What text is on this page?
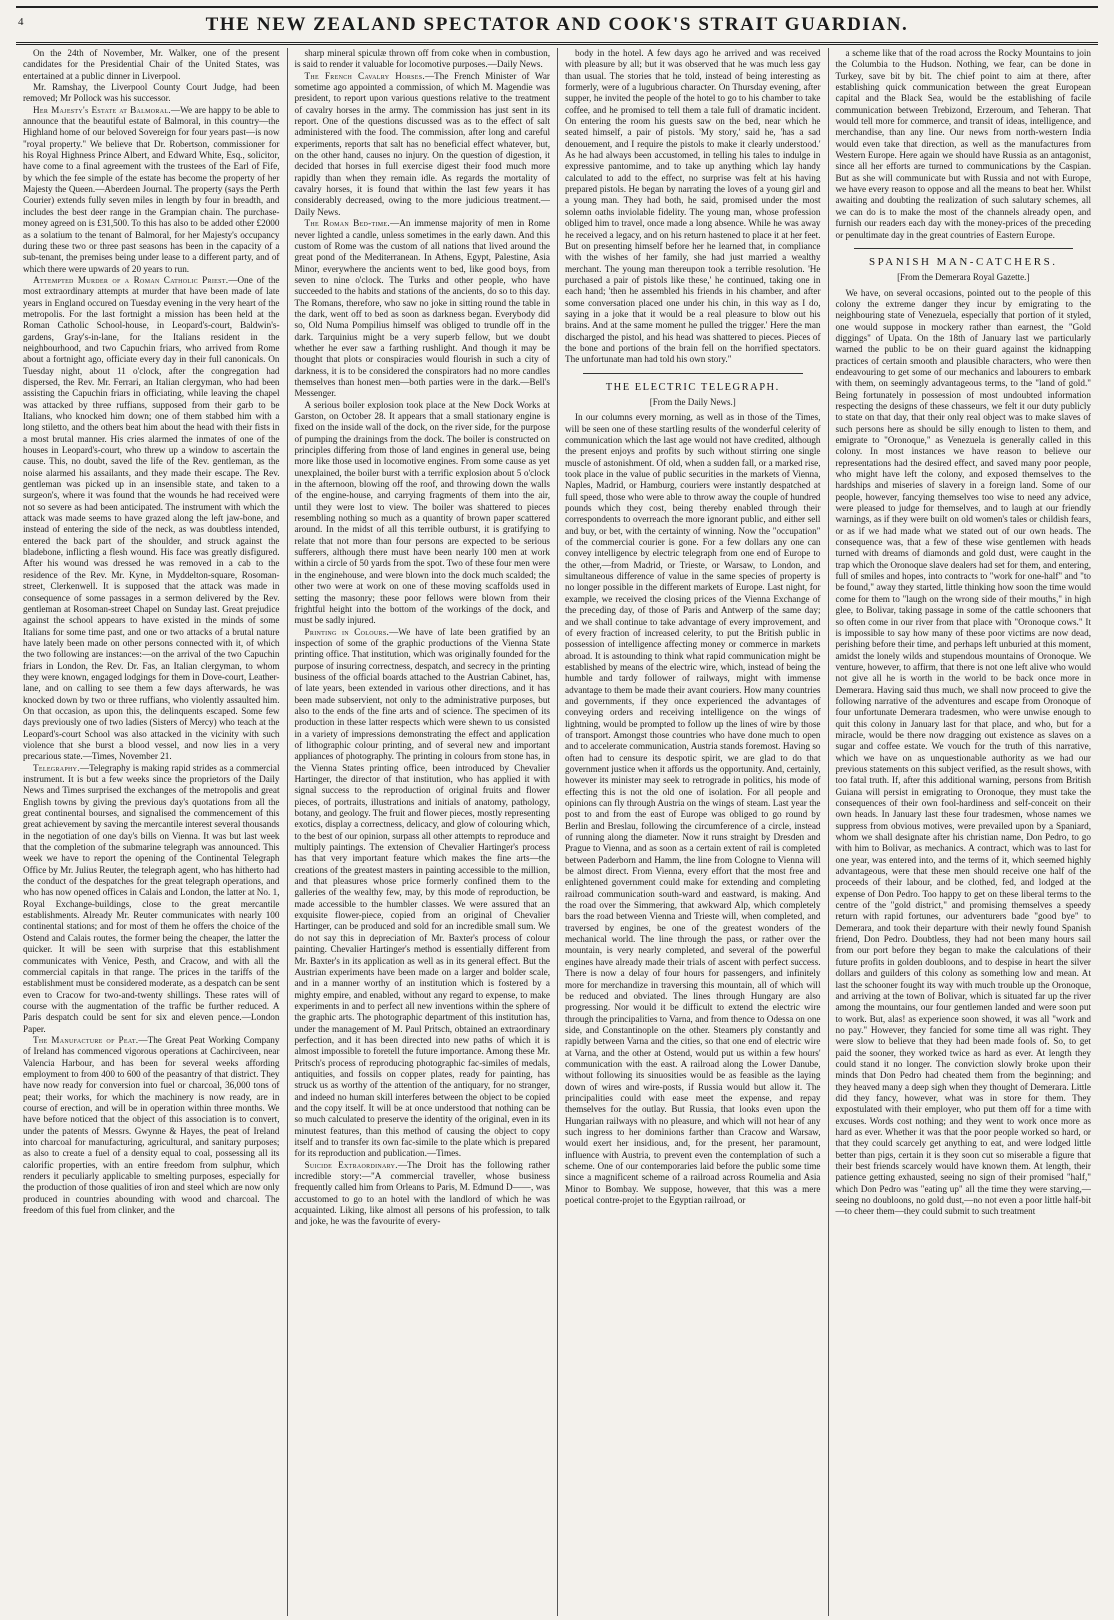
4	THE NEW ZEALAND SPECTATOR AND COOK'S STRAIT GUARDIAN.

On the 24th of November, Mr. Walker, one of the present candidates for the Presidential Chair of the United States, was entertained at a public dinner in Liverpool.

Mr. Ramshay, the Liverpool County Court Judge, had been removed; Mr Pollock was his successor.

Her Majesty's Estate at Balmoral.—We are happy to be able to announce that the beautiful estate of Balmoral, in this country—the Highland home of our beloved Sovereign for four years past—is now "royal property." We believe that Dr. Robertson, commissioner for his Royal Highness Prince Albert, and Edward White, Esq., solicitor, have come to a final agreement with the trustees of the Earl of Fife, by which the fee simple of the estate has become the property of her Majesty the Queen.—Aberdeen Journal. The property (says the Perth Courier) extends fully seven miles in length by four in breadth, and includes the best deer range in the Grampian chain. The purchase-money agreed on is £31,500. To this has also to be added other £2000 as a solatium to the tenant of Balmoral, for her Majesty's occupancy during these two or three past seasons has been in the capacity of a sub-tenant, the premises being under lease to a different party, and of which there were upwards of 20 years to run.

Attempted Murder of a Roman Catholic Priest.—One of the most extraordinary attempts at murder that have been made of late years in England occured on Tuesday evening in the very heart of the metropolis. For the last fortnight a mission has been held at the Roman Catholic School-house, in Leopard's-court, Baldwin's-gardens, Gray's-in-lane, for the Italians resident in the neighbourhood, and two Capuchin friars, who arrived from Rome about a fortnight ago, officiate every day in their full canonicals. On Tuesday night, about 11 o'clock, after the congregation had dispersed, the Rev. Mr. Ferrari, an Italian clergyman, who had been assisting the Capuchin friars in officiating, while leaving the chapel was attacked by three ruffians, supposed from their garb to be Italians, who knocked him down; one of them stabbed him with a long stiletto, and the others beat him about the head with their fists in a most brutal manner. His cries alarmed the inmates of one of the houses in Leopard's-court, who threw up a window to ascertain the cause. This, no doubt, saved the life of the Rev. gentleman, as the noise alarmed his assailants, and they made their escape. The Rev. gentleman was picked up in an insensible state, and taken to a surgeon's, where it was found that the wounds he had received were not so severe as had been anticipated. The instrument with which the attack was made seems to have grazed along the left jaw-bone, and instead of entering the side of the neck, as was doubtless intended, entered the back part of the shoulder, and struck against the bladebone, inflicting a flesh wound. His face was greatly disfigured. After his wound was dressed he was removed in a cab to the residence of the Rev. Mr. Kyne, in Myddelton-square, Rosoman-street, Clerkenwell. It is supposed that the attack was made in consequence of some passages in a sermon delivered by the Rev. gentleman at Rosoman-street Chapel on Sunday last. Great prejudice against the school appears to have existed in the minds of some Italians for some time past, and one or two attacks of a brutal nature have lately been made on other persons connected with it, of which the two following are instances:—on the arrival of the two Capuchin friars in London, the Rev. Dr. Fas, an Italian clergyman, to whom they were known, engaged lodgings for them in Dove-court, Leather-lane, and on calling to see them a few days afterwards, he was knocked down by two or three ruffians, who violently assaulted him. On that occasion, as upon this, the delinquents escaped. Some few days previously one of two ladies (Sisters of Mercy) who teach at the Leopard's-court School was also attacked in the vicinity with such violence that she burst a blood vessel, and now lies in a very precarious state.—Times, November 21.

Telegraphy.—Telegraphy is making rapid strides as a commercial instrument. It is but a few weeks since the proprietors of the Daily News and Times surprised the exchanges of the metropolis and great English towns by giving the previous day's quotations from all the great continental bourses, and signalised the commencement of this great achievement by saving the mercantile interest several thousands in the negotiation of one day's bills on Vienna. It was but last week that the completion of the submarine telegraph was announced. This week we have to report the opening of the Continental Telegraph Office by Mr. Julius Reuter, the telegraph agent, who has hitherto had the conduct of the despatches for the great telegraph operations, and who has now opened offices in Calais and London, the latter at No. 1, Royal Exchange-buildings, close to the great mercantile establishments. Already Mr. Reuter communicates with nearly 100 continental stations; and for most of them he offers the choice of the Ostend and Calais routes, the former being the cheaper, the latter the quicker. It will be seen with surprise that this establishment communicates with Venice, Pesth, and Cracow, and with all the commercial capitals in that range. The prices in the tariffs of the establishment must be considered moderate, as a despatch can be sent even to Cracow for two-and-twenty shillings. These rates will of course with the augmentation of the traffic be further reduced. A Paris despatch could be sent for six and eleven pence.—London Paper.

The Manufacture of Peat.—The Great Peat Working Company of Ireland has commenced vigorous operations at Cachirciveen, near Valencia Harbour, and has been for several weeks affording employment to from 400 to 600 of the peasantry of that district. They have now ready for conversion into fuel or charcoal, 36,000 tons of peat; their works, for which the machinery is now ready, are in course of erection, and will be in operation within three months. We have before noticed that the object of this association is to convert, under the patents of Messrs. Gwynne & Hayes, the peat of Ireland into charcoal for manufacturing, agricultural, and sanitary purposes; as also to create a fuel of a density equal to coal, possessing all its calorific properties, with an entire freedom from sulphur, which renders it peculiarly applicable to smelting purposes, especially for the production of those qualities of iron and steel which are now only produced in countries abounding with wood and charcoal. The freedom of this fuel from clinker, and the

sharp mineral spiculæ thrown off from coke when in combustion, is said to render it valuable for locomotive purposes.—Daily News.

The French Cavalry Horses.—The French Minister of War sometime ago appointed a commission, of which M. Magendie was president, to report upon various questions relative to the treatment of cavalry horses in the army. The commission has just sent in its report. One of the questions discussed was as to the effect of salt administered with the food. The commission, after long and careful experiments, reports that salt has no beneficial effect whatever, but, on the other hand, causes no injury. On the question of digestion, it decided that horses in full exercise digest their food much more rapidly than when they remain idle. As regards the mortality of cavalry horses, it is found that within the last few years it has considerably decreased, owing to the more judicious treatment.—Daily News.

The Roman Bed-time.—An immense majority of men in Rome never lighted a candle, unless sometimes in the early dawn. And this custom of Rome was the custom of all nations that lived around the great pond of the Mediterranean. In Athens, Egypt, Palestine, Asia Minor, everywhere the ancients went to bed, like good boys, from seven to nine o'clock. The Turks and other people, who have succeeded to the habits and stations of the ancients, do so to this day. The Romans, therefore, who saw no joke in sitting round the table in the dark, went off to bed as soon as darkness began. Everybody did so, Old Numa Pompilius himself was obliged to trundle off in the dark. Tarquinius might be a very superb fellow, but we doubt whether he ever saw a farthing rushlight. And though it may be thought that plots or conspiracies would flourish in such a city of darkness, it is to be considered the conspirators had no more candles themselves than honest men—both parties were in the dark.—Bell's Messenger.

A serious boiler explosion took place at the New Dock Works at Garston, on October 28. It appears that a small stationary engine is fixed on the inside wall of the dock, on the river side, for the purpose of pumping the drainings from the dock. The boiler is constructed on principles differing from those of land engines in general use, being more like those used in locomotive engines. From some cause as yet unexplained, the boiler burst with a terrific explosion about 5 o'clock in the afternoon, blowing off the roof, and throwing down the walls of the engine-house, and carrying fragments of them into the air, until they were lost to view. The boiler was shattered to pieces resembling nothing so much as a quantity of brown paper scattered around. In the midst of all this terrible outburst, it is gratifying to relate that not more than four persons are expected to be serious sufferers, although there must have been nearly 100 men at work within a circle of 50 yards from the spot. Two of these four men were in the enginehouse, and were blown into the dock much scalded; the other two were at work on one of these moving scaffolds used in setting the masonry; these poor fellows were blown from their frightful height into the bottom of the workings of the dock, and must be sadly injured.

Printing in Colours.—We have of late been gratified by an inspection of some of the graphic productions of the Vienna State printing office. That institution, which was originally founded for the purpose of insuring correctness, despatch, and secrecy in the printing business of the official boards attached to the Austrian Cabinet, has, of late years, been extended in various other directions, and it has been made subservient, not only to the administrative purposes, but also to the ends of the fine arts and of science. The specimen of its production in these latter respects which were shewn to us consisted in a variety of impressions demonstrating the effect and application of lithographic colour printing, and of several new and important appliances of photography. The printing in colours from stone has, in the Vienna States printing office, been introduced by Chevalier Hartinger, the director of that institution, who has applied it with signal success to the reproduction of original fruits and flower pieces, of portraits, illustrations and initials of anatomy, pathology, botany, and geology. The fruit and flower pieces, mostly representing exotics, display a correctness, delicacy, and glow of colouring which, to the best of our opinion, surpass all other attempts to reproduce and multiply paintings. The extension of Chevalier Hartinger's process has that very important feature which makes the fine arts—the creations of the greatest masters in painting accessible to the million, and that pleasures whose price formerly confined them to the galleries of the wealthy few, may, by this mode of reproduction, be made accessible to the humbler classes. We were assured that an exquisite flower-piece, copied from an original of Chevalier Hartinger, can be produced and sold for an incredible small sum. We do not say this in depreciation of Mr. Baxter's process of colour painting. Chevalier Hartinger's method is essentially different from Mr. Baxter's in its application as well as in its general effect. But the Austrian experiments have been made on a larger and bolder scale, and in a manner worthy of an institution which is fostered by a mighty empire, and enabled, without any regard to expense, to make experiments in and to perfect all new inventions within the sphere of the graphic arts. The photographic department of this institution has, under the management of M. Paul Pritsch, obtained an extraordinary perfection, and it has been directed into new paths of which it is almost impossible to foretell the future importance. Among these Mr. Pritsch's process of reproducing photographic fac-similes of medals, antiquities, and fossils on copper plates, ready for painting, has struck us as worthy of the attention of the antiquary, for no stranger, and indeed no human skill interferes between the object to be copied and the copy itself. It will be at once understood that nothing can be so much calculated to preserve the identity of the original, even in its minutest features, than this method of causing the object to copy itself and to transfer its own fac-simile to the plate which is prepared for its reproduction and publication.—Times.

Suicide Extraordinary.—The Droit has the following rather incredible story:—"A commercial traveller, whose business frequently called him from Orleans to Paris, M. Edmund D——, was accustomed to go to an hotel with the landlord of which he was acquainted. Liking, like almost all persons of his profession, to talk and joke, he was the favourite of every-

body in the hotel. A few days ago he arrived and was received with pleasure by all; but it was observed that he was much less gay than usual. The stories that he told, instead of being interesting as formerly, were of a lugubrious character. On Thursday evening, after supper, he invited the people of the hotel to go to his chamber to take coffee, and he promised to tell them a tale full of dramatic incident. On entering the room his guests saw on the bed, near which he seated himself, a pair of pistols. 'My story,' said he, 'has a sad denouement, and I require the pistols to make it clearly understood.' As he had always been accustomed, in telling his tales to indulge in expressive pantomime, and to take up anything which lay handy calculated to add to the effect, no surprise was felt at his having prepared pistols. He began by narrating the loves of a young girl and a young man. They had both, he said, promised under the most solemn oaths inviolable fidelity. The young man, whose profession obliged him to travel, once made a long absence. While he was away he received a legacy, and on his return hastened to place it at her feet. But on presenting himself before her he learned that, in compliance with the wishes of her family, she had just married a wealthy merchant. The young man thereupon took a terrible resolution. 'He purchased a pair of pistols like these,' he continued, taking one in each hand; 'then he assembled his friends in his chamber, and after some conversation placed one under his chin, in this way as I do, saying in a joke that it would be a real pleasure to blow out his brains. And at the same moment he pulled the trigger.' Here the man discharged the pistol, and his head was shattered to pieces. Pieces of the bone and portions of the brain fell on the horrified spectators. The unfortunate man had told his own story."

THE ELECTRIC TELEGRAPH.

[From the Daily News.]

In our columns every morning, as well as in those of the Times, will be seen one of these startling results of the wonderful celerity of communication which the last age would not have credited, although the present enjoys and profits by such without stirring one single muscle of astonishment. Of old, when a sudden fall, or a marked rise, took place in the value of public securities in the markets of Vienna, Naples, Madrid, or Hamburg, couriers were instantly despatched at full speed, those who were able to throw away the couple of hundred pounds which they cost, being thereby enabled through their correspondents to overreach the more ignorant public, and either sell and buy, or bet, with the certainty of winning. Now the "occupation" of the commercial courier is gone. For a few dollars any one can convey intelligence by electric telegraph from one end of Europe to the other,—from Madrid, or Trieste, or Warsaw, to London, and simultaneous difference of value in the same species of property is no longer possible in the different markets of Europe. Last night, for example, we received the closing prices of the Vienna Exchange of the preceding day, of those of Paris and Antwerp of the same day; and we shall continue to take advantage of every improvement, and of every fraction of increased celerity, to put the British public in possession of intelligence affecting money or commerce in markets abroad. It is astounding to think what rapid communication might be established by means of the electric wire, which, instead of being the humble and tardy follower of railways, might with immense advantage to them be made their avant couriers. How many countries and governments, if they once experienced the advantages of conveying orders and receiving intelligence on the wings of lightning, would be prompted to follow up the lines of wire by those of transport. Amongst those countries who have done much to open and to accelerate communication, Austria stands foremost. Having so often had to censure its despotic spirit, we are glad to do that government justice when it affords us the opportunity. And, certainly, however its minister may seek to retrograde in politics, his mode of effecting this is not the old one of isolation. For all people and opinions can fly through Austria on the wings of steam. Last year the post to and from the east of Europe was obliged to go round by Berlin and Breslau, following the circumference of a circle, instead of running along the diameter. Now it runs straight by Dresden and Prague to Vienna, and as soon as a certain extent of rail is completed between Paderborn and Hamm, the line from Cologne to Vienna will be almost direct. From Vienna, every effort that the most free and enlightened government could make for extending and completing railroad communication south-ward and eastward, is making. And the road over the Simmering, that awkward Alp, which completely bars the road between Vienna and Trieste will, when completed, and traversed by engines, be one of the greatest wonders of the mechanical world. The line through the pass, or rather over the mountain, is very nearly completed, and several of the powerful engines have already made their trials of ascent with perfect success. There is now a delay of four hours for passengers, and infinitely more for merchandize in traversing this mountain, all of which will be reduced and obviated. The lines through Hungary are also progressing. Nor would it be difficult to extend the electric wire through the principalities to Varna, and from thence to Odessa on one side, and Constantinople on the other. Steamers ply constantly and rapidly between Varna and the cities, so that one end of electric wire at Varna, and the other at Ostend, would put us within a few hours' communication with the east. A railroad along the Lower Danube, without following its sinuosities would be as feasible as the laying down of wires and wire-posts, if Russia would but allow it. The principalities could with ease meet the expense, and repay themselves for the outlay. But Russia, that looks even upon the Hungarian railways with no pleasure, and which will not hear of any such ingress to her dominions farther than Cracow and Warsaw, would exert her insidious, and, for the present, her paramount, influence with Austria, to prevent even the contemplation of such a scheme. One of our contemporaries laid before the public some time since a magnificent scheme of a railroad across Roumelia and Asia Minor to Bombay. We suppose, however, that this was a mere poetical contre-projet to the Egyptian railroad, or

a scheme like that of the road across the Rocky Mountains to join the Columbia to the Hudson. Nothing, we fear, can be done in Turkey, save bit by bit. The chief point to aim at there, after establishing quick communication between the great European capital and the Black Sea, would be the establishing of facile communication between Trebizond, Erzeroum, and Teheran. That would tell more for commerce, and transit of ideas, intelligence, and merchandise, than any line. Our news from north-western India would even take that direction, as well as the manufactures from Western Europe. Here again we should have Russia as an antagonist, since all her efforts are turned to communications by the Caspian. But as she will communicate but with Russia and not with Europe, we have every reason to oppose and all the means to beat her. Whilst awaiting and doubting the realization of such salutary schemes, all we can do is to make the most of the channels already open, and furnish our readers each day with the money-prices of the preceding or penultimate day in the great countries of Eastern Europe.

SPANISH MAN-CATCHERS.

[From the Demerara Royal Gazette.]

We have, on several occasions, pointed out to the people of this colony the extreme danger they incur by emigrating to the neighbouring state of Venezuela, especially that portion of it styled, one would suppose in mockery rather than earnest, the "Gold diggings" of Upata. On the 18th of January last we particularly warned the public to be on their guard against the kidnapping practices of certain smooth and plausible characters, who were then endeavouring to get some of our mechanics and labourers to embark with them, on seemingly advantageous terms, to the "land of gold." Being fortunately in possession of most undoubted information respecting the designs of these chasseurs, we felt it our duty publicly to state on that day, that their only real object was to make slaves of such persons here as should be silly enough to listen to them, and emigrate to "Oronoque," as Venezuela is generally called in this colony. In most instances we have reason to believe our representations had the desired effect, and saved many poor people, who might have left the colony, and exposed themselves to the hardships and miseries of slavery in a foreign land. Some of our people, however, fancying themselves too wise to need any advice, were pleased to judge for themselves, and to laugh at our friendly warnings, as if they were built on old women's tales or childish fears, or as if we had made what we stated out of our own heads. The consequence was, that a few of these wise gentlemen with heads turned with dreams of diamonds and gold dust, were caught in the trap which the Oronoque slave dealers had set for them, and entering, full of smiles and hopes, into contracts to "work for one-half" and "to be found," away they started, little thinking how soon the time would come for them to "laugh on the wrong side of their mouths," in high glee, to Bolivar, taking passage in some of the cattle schooners that so often come in our river from that place with "Oronoque cows." It is impossible to say how many of these poor victims are now dead, perishing before their time, and perhaps left unburied at this moment, amidst the lonely wilds and stupendous mountains of Oronoque. We venture, however, to affirm, that there is not one left alive who would not give all he is worth in the world to be back once more in Demerara. Having said thus much, we shall now proceed to give the following narrative of the adventures and escape from Oronoque of four unfortunate Demerara tradesmen, who were unwise enough to quit this colony in January last for that place, and who, but for a miracle, would be there now dragging out existence as slaves on a sugar and coffee estate. We vouch for the truth of this narrative, which we have on as unquestionable authority as we had our previous statements on this subject verified, as the result shows, with too fatal truth. If, after this additional warning, persons from British Guiana will persist in emigrating to Oronoque, they must take the consequences of their own fool-hardiness and self-conceit on their own heads. In January last these four tradesmen, whose names we suppress from obvious motives, were prevailed upon by a Spaniard, whom we shall designate after his christian name, Don Pedro, to go with him to Bolivar, as mechanics. A contract, which was to last for one year, was entered into, and the terms of it, which seemed highly advantageous, were that these men should receive one half of the proceeds of their labour, and be clothed, fed, and lodged at the expense of Don Pedro. Too happy to get on these liberal terms to the centre of the "gold district," and promising themselves a speedy return with rapid fortunes, our adventurers bade "good bye" to Demerara, and took their departure with their newly found Spanish friend, Don Pedro. Doubtless, they had not been many hours sail from our port before they began to make the calculations of their future profits in golden doubloons, and to despise in heart the silver dollars and guilders of this colony as something low and mean. At last the schooner fought its way with much trouble up the Oronoque, and arriving at the town of Bolivar, which is situated far up the river among the mountains, our four gentlemen landed and were soon put to work. But, alas! as experience soon showed, it was all "work and no pay." However, they fancied for some time all was right. They were slow to believe that they had been made fools of. So, to get paid the sooner, they worked twice as hard as ever. At length they could stand it no longer. The conviction slowly broke upon their minds that Don Pedro had cheated them from the beginning; and they heaved many a deep sigh when they thought of Demerara. Little did they fancy, however, what was in store for them. They expostulated with their employer, who put them off for a time with excuses. Words cost nothing; and they went to work once more as hard as ever. Whether it was that the poor people worked so hard, or that they could scarcely get anything to eat, and were lodged little better than pigs, certain it is they soon cut so miserable a figure that their best friends scarcely would have known them. At length, their patience getting exhausted, seeing no sign of their promised "half," which Don Pedro was "eating up" all the time they were starving,—seeing no doubloons, no gold dust,—no not even a poor little half-bit—to cheer them—they could submit to such treatment
